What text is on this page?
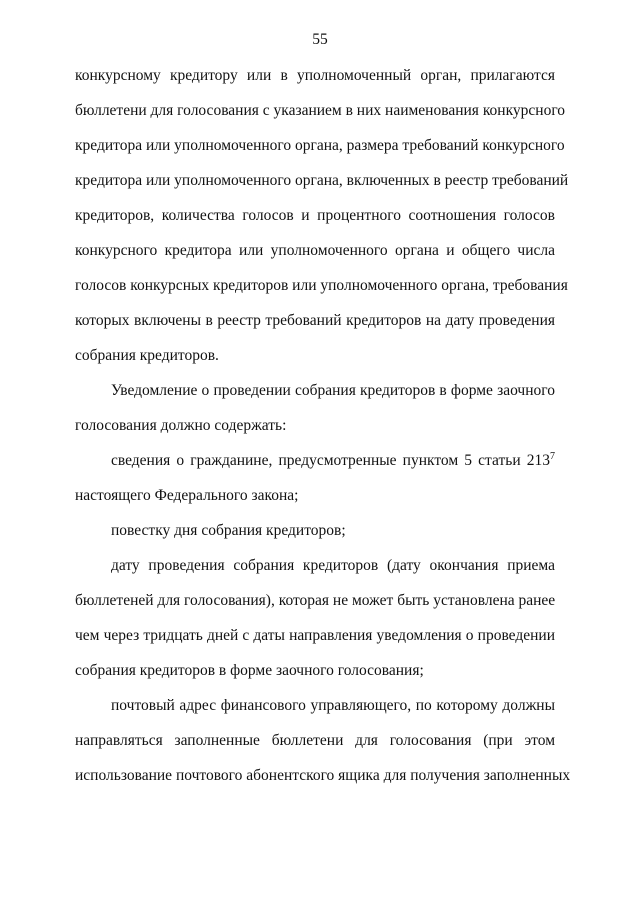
55
конкурсному кредитору или в уполномоченный орган, прилагаются
бюллетени для голосования с указанием в них наименования конкурсного
кредитора или уполномоченного органа, размера требований конкурсного
кредитора или уполномоченного органа, включенных в реестр требований
кредиторов, количества голосов и процентного соотношения голосов
конкурсного кредитора или уполномоченного органа и общего числа
голосов конкурсных кредиторов или уполномоченного органа, требования
которых включены в реестр требований кредиторов на дату проведения
собрания кредиторов.
Уведомление о проведении собрания кредиторов в форме заочного
голосования должно содержать:
сведения о гражданине, предусмотренные пунктом 5 статьи $213^7$
настоящего Федерального закона;
повестку дня собрания кредиторов;
дату проведения собрания кредиторов (дату окончания приема
бюллетеней для голосования), которая не может быть установлена ранее
чем через тридцать дней с даты направления уведомления о проведении
собрания кредиторов в форме заочного голосования;
почтовый адрес финансового управляющего, по которому должны
направляться заполненные бюллетени для голосования (при этом
использование почтового абонентского ящика для получения заполненных
